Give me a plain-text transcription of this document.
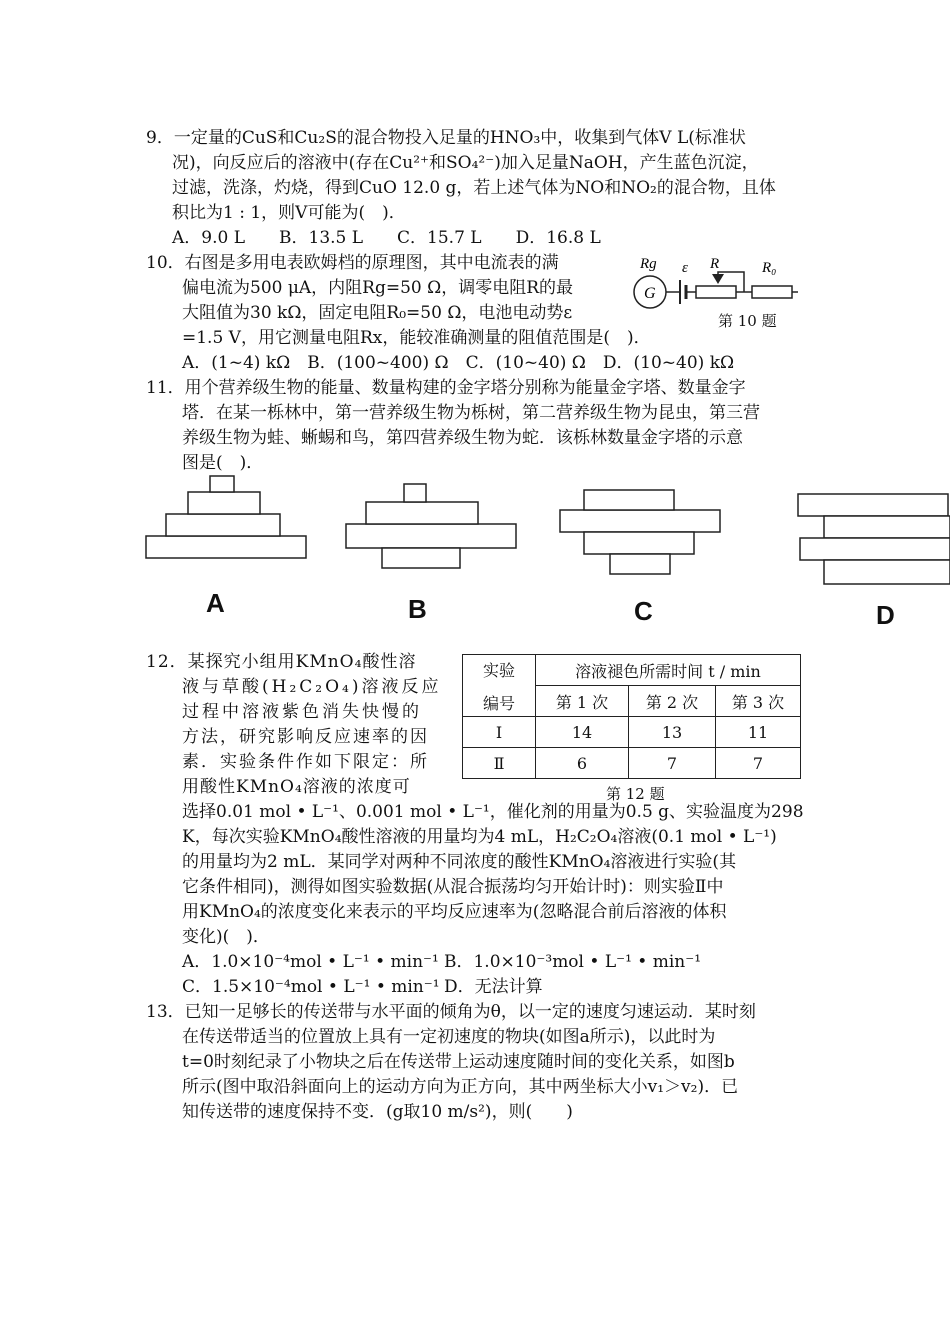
9．一定量的CuS和Cu₂S的混合物投入足量的HNO₃中，收集到气体V L(标准状
况)，向反应后的溶液中(存在Cu²⁺和SO₄²⁻)加入足量NaOH，产生蓝色沉淀，
过滤，洗涤，灼烧，得到CuO 12.0 g，若上述气体为NO和NO₂的混合物，且体
积比为1 : 1，则V可能为(　)．
A．9.0 L　　B．13.5 L　　C．15.7 L　　D．16.8 L
10．右图是多用电表欧姆档的原理图，其中电流表的满
偏电流为500 μA，内阻Rg=50 Ω，调零电阻R的最
大阻值为30 kΩ，固定电阻R₀=50 Ω，电池电动势ε
=1.5 V，用它测量电阻Rx，能较准确测量的阻值范围是(　)．
A．(1~4) kΩ　B．(100~400) Ω　C．(10~40) Ω　D．(10~40) kΩ
G
Rg ε R	R₀
第 10 题
11．用个营养级生物的能量、数量构建的金字塔分别称为能量金字塔、数量金字
塔．在某一栎林中，第一营养级生物为栎树，第二营养级生物为昆虫，第三营
养级生物为蛙、蜥蜴和鸟，第四营养级生物为蛇．该栎林数量金字塔的示意
图是(　)．
A	B	C	D
12．某探究小组用KMnO₄酸性溶
液与草酸(H₂C₂O₄)溶液反应
过程中溶液紫色消失快慢的
方法，研究影响反应速率的因
素．实验条件作如下限定：所
用酸性KMnO₄溶液的浓度可
实验
编号	溶液褪色所需时间 t / min		
	第 1 次	第 2 次	第 3 次
Ⅰ	14	13	11
Ⅱ	6	7	7
第 12 题
选择0.01 mol • L⁻¹、0.001 mol • L⁻¹，催化剂的用量为0.5 g、实验温度为298
K，每次实验KMnO₄酸性溶液的用量均为4 mL，H₂C₂O₄溶液(0.1 mol • L⁻¹)
的用量均为2 mL．某同学对两种不同浓度的酸性KMnO₄溶液进行实验(其
它条件相同)，测得如图实验数据(从混合振荡均匀开始计时)：则实验Ⅱ中
用KMnO₄的浓度变化来表示的平均反应速率为(忽略混合前后溶液的体积
变化)(　)．
A．1.0×10⁻⁴mol • L⁻¹ • min⁻¹ B．1.0×10⁻³mol • L⁻¹ • min⁻¹
C．1.5×10⁻⁴mol • L⁻¹ • min⁻¹ D．无法计算
13．已知一足够长的传送带与水平面的倾角为θ，以一定的速度匀速运动．某时刻
在传送带适当的位置放上具有一定初速度的物块(如图a所示)，以此时为
t=0时刻纪录了小物块之后在传送带上运动速度随时间的变化关系，如图b
所示(图中取沿斜面向上的运动方向为正方向，其中两坐标大小v₁＞v₂)．已
知传送带的速度保持不变．(g取10 m/s²)，则(　　)
